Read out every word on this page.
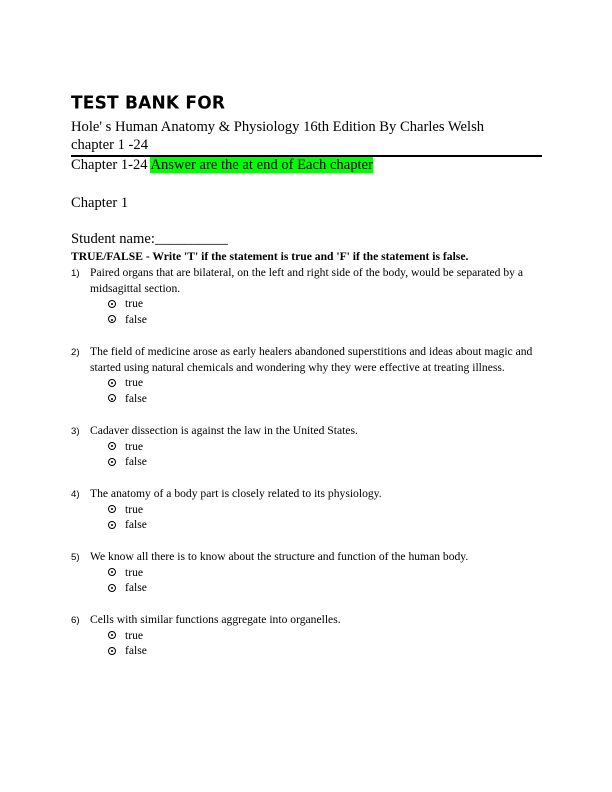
TEST BANK FOR
Hole' s Human Anatomy & Physiology 16th Edition By Charles Welsh
chapter 1 -24
Chapter 1-24 Answer are the at end of Each chapter
Chapter 1
Student name:__________
TRUE/FALSE - Write 'T' if the statement is true and 'F' if the statement is false.
1) Paired organs that are bilateral, on the left and right side of the body, would be separated by a midsagittal section.
true
false
2) The field of medicine arose as early healers abandoned superstitions and ideas about magic and started using natural chemicals and wondering why they were effective at treating illness.
true
false
3) Cadaver dissection is against the law in the United States.
true
false
4) The anatomy of a body part is closely related to its physiology.
true
false
5) We know all there is to know about the structure and function of the human body.
true
false
6) Cells with similar functions aggregate into organelles.
true
false
